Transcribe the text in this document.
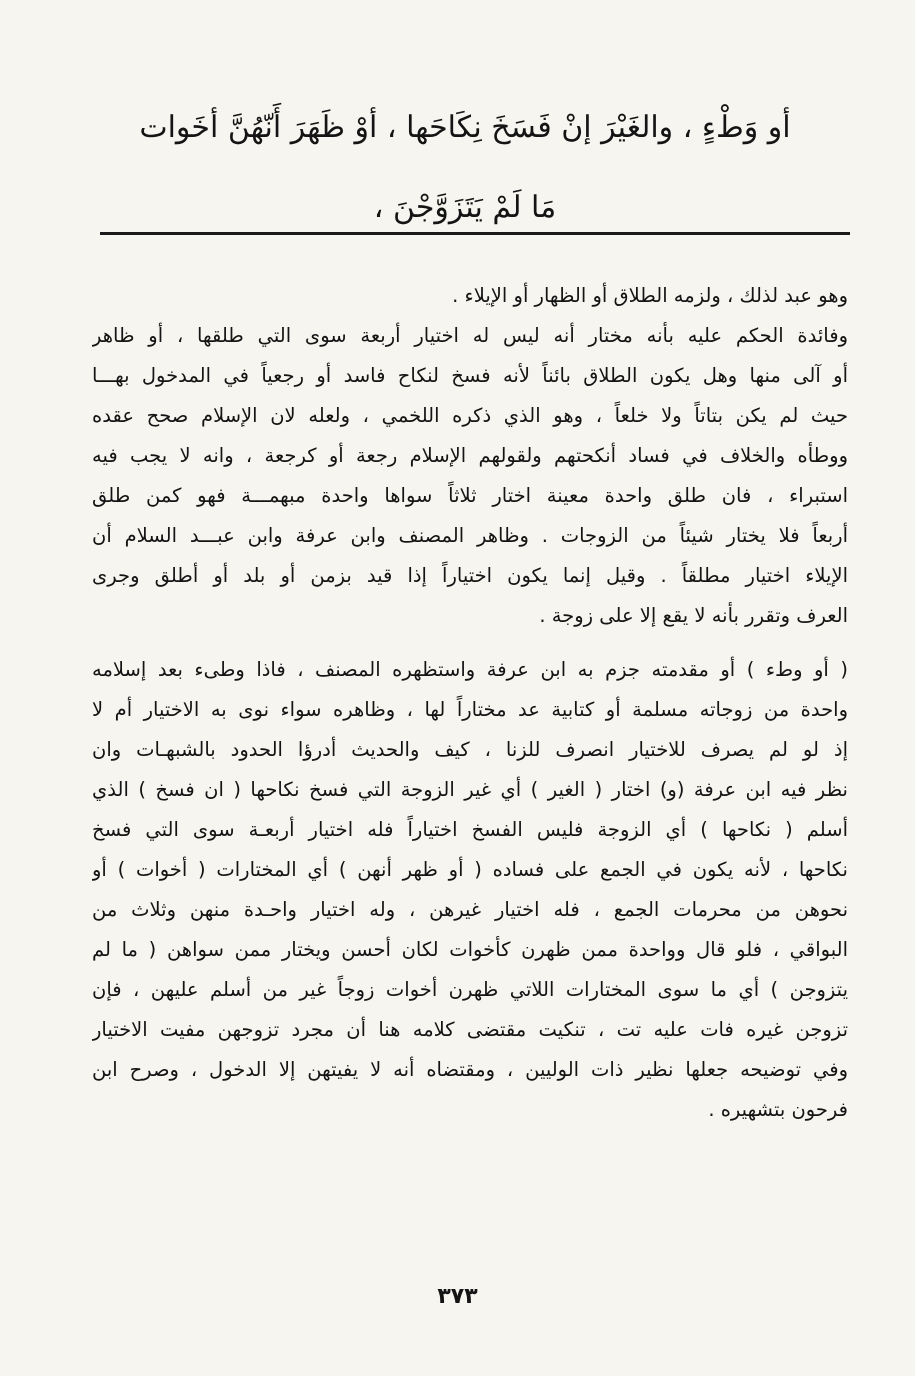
أو وَطْءٍ ، والغَيْرَ إنْ فَسَخَ نِكَاحَها ، أوْ ظَهَرَ أَنّهُنَّ أخَوات
مَا لَمْ يَتَزَوَّجْنَ ،
وهو عبد لذلك ، ولزمه الطلاق أو الظهار أو الإيلاء .
وفائدة الحكم عليه بأنه مختار أنه ليس له اختيار أربعة سوى التي طلقها ، أو ظاهر
أو آلى منها وهل يكون الطلاق بائناً لأنه فسخ لنكاح فاسد أو رجعياً في المدخول بهـــا
حيث لم يكن بتاتاً ولا خلعاً ، وهو الذي ذكره اللخمي ، ولعله لان الإسلام صحح عقده
ووطأه والخلاف في فساد أنكحتهم ولقولهم الإسلام رجعة أو كرجعة ، وانه لا يجب فيه
استبراء ، فان طلق واحدة معينة اختار ثلاثاً سواها واحدة مبهمـــة فهو كمن طلق
أربعاً فلا يختار شيئاً من الزوجات . وظاهر المصنف وابن عرفة وابن عبـــد السلام أن
الإيلاء اختيار مطلقاً . وقيل إنما يكون اختياراً إذا قيد بزمن أو بلد أو أطلق وجرى
العرف وتقرر بأنه لا يقع إلا على زوجة .
( أو وطء ) أو مقدمته جزم به ابن عرفة واستظهره المصنف ، فاذا وطىء بعد إسلامه
واحدة من زوجاته مسلمة أو كتابية عد مختاراً لها ، وظاهره سواء نوى به الاختيار أم لا
إذ لو لم يصرف للاختيار انصرف للزنا ، كيف والحديث أدرؤا الحدود بالشبهـات وان
نظر فيه ابن عرفة (و) اختار ( الغير ) أي غير الزوجة التي فسخ نكاحها ( ان فسخ ) الذي
أسلم ( نكاحها ) أي الزوجة فليس الفسخ اختياراً فله اختيار أربعـة سوى التي فسخ
نكاحها ، لأنه يكون في الجمع على فساده ( أو ظهر أنهن ) أي المختارات ( أخوات ) أو
نحوهن من محرمات الجمع ، فله اختيار غيرهن ، وله اختيار واحـدة منهن وثلاث من
البواقي ، فلو قال وواحدة ممن ظهرن كأخوات لكان أحسن ويختار ممن سواهن ( ما لم
يتزوجن ) أي ما سوى المختارات اللاتي ظهرن أخوات زوجاً غير من أسلم عليهن ، فإن
تزوجن غيره فات عليه تت ، تنكيت مقتضى كلامه هنا أن مجرد تزوجهن مفيت الاختيار
وفي توضيحه جعلها نظير ذات الوليين ، ومقتضاه أنه لا يفيتهن إلا الدخول ، وصرح ابن
فرحون بتشهيره .
٣٧٣
